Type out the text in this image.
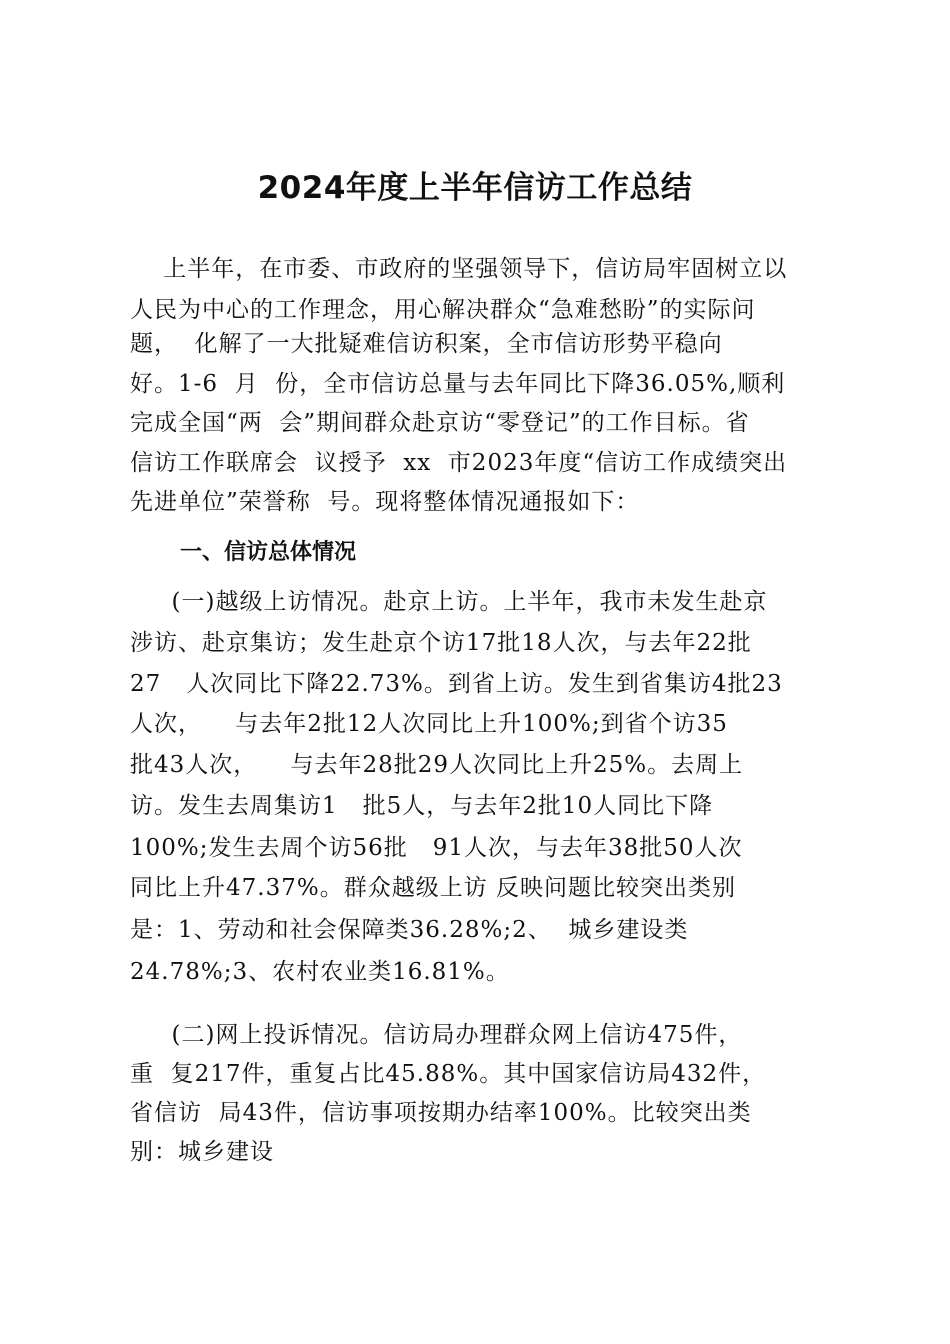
2024年度上半年信访工作总结

上半年，在市委、市政府的坚强领导下，信访局牢固树立以

人民为中心的工作理念，用心解决群众“急难愁盼”的实际问

题，  化解了一大批疑难信访积案，全市信访形势平稳向

好。1-6  月  份，全市信访总量与去年同比下降36.05%,顺利

完成全国“两  会”期间群众赴京访“零登记”的工作目标。省

信访工作联席会  议授予  xx  市2023年度“信访工作成绩突出

先进单位”荣誉称  号。现将整体情况通报如下：

一、信访总体情况

(一)越级上访情况。赴京上访。上半年，我市未发生赴京

涉访、赴京集访；发生赴京个访17批18人次，与去年22批

27   人次同比下降22.73%。到省上访。发生到省集访4批23

人次，    与去年2批12人次同比上升100%;到省个访35

批43人次，    与去年28批29人次同比上升25%。去周上

访。发生去周集访1   批5人，与去年2批10人同比下降

100%;发生去周个访56批   91人次，与去年38批50人次

同比上升47.37%。群众越级上访 反映问题比较突出类别

是：1、劳动和社会保障类36.28%;2、  城乡建设类

24.78%;3、农村农业类16.81%。

(二)网上投诉情况。信访局办理群众网上信访475件，

重  复217件，重复占比45.88%。其中国家信访局432件，

省信访  局43件，信访事项按期办结率100%。比较突出类

别：城乡建设
